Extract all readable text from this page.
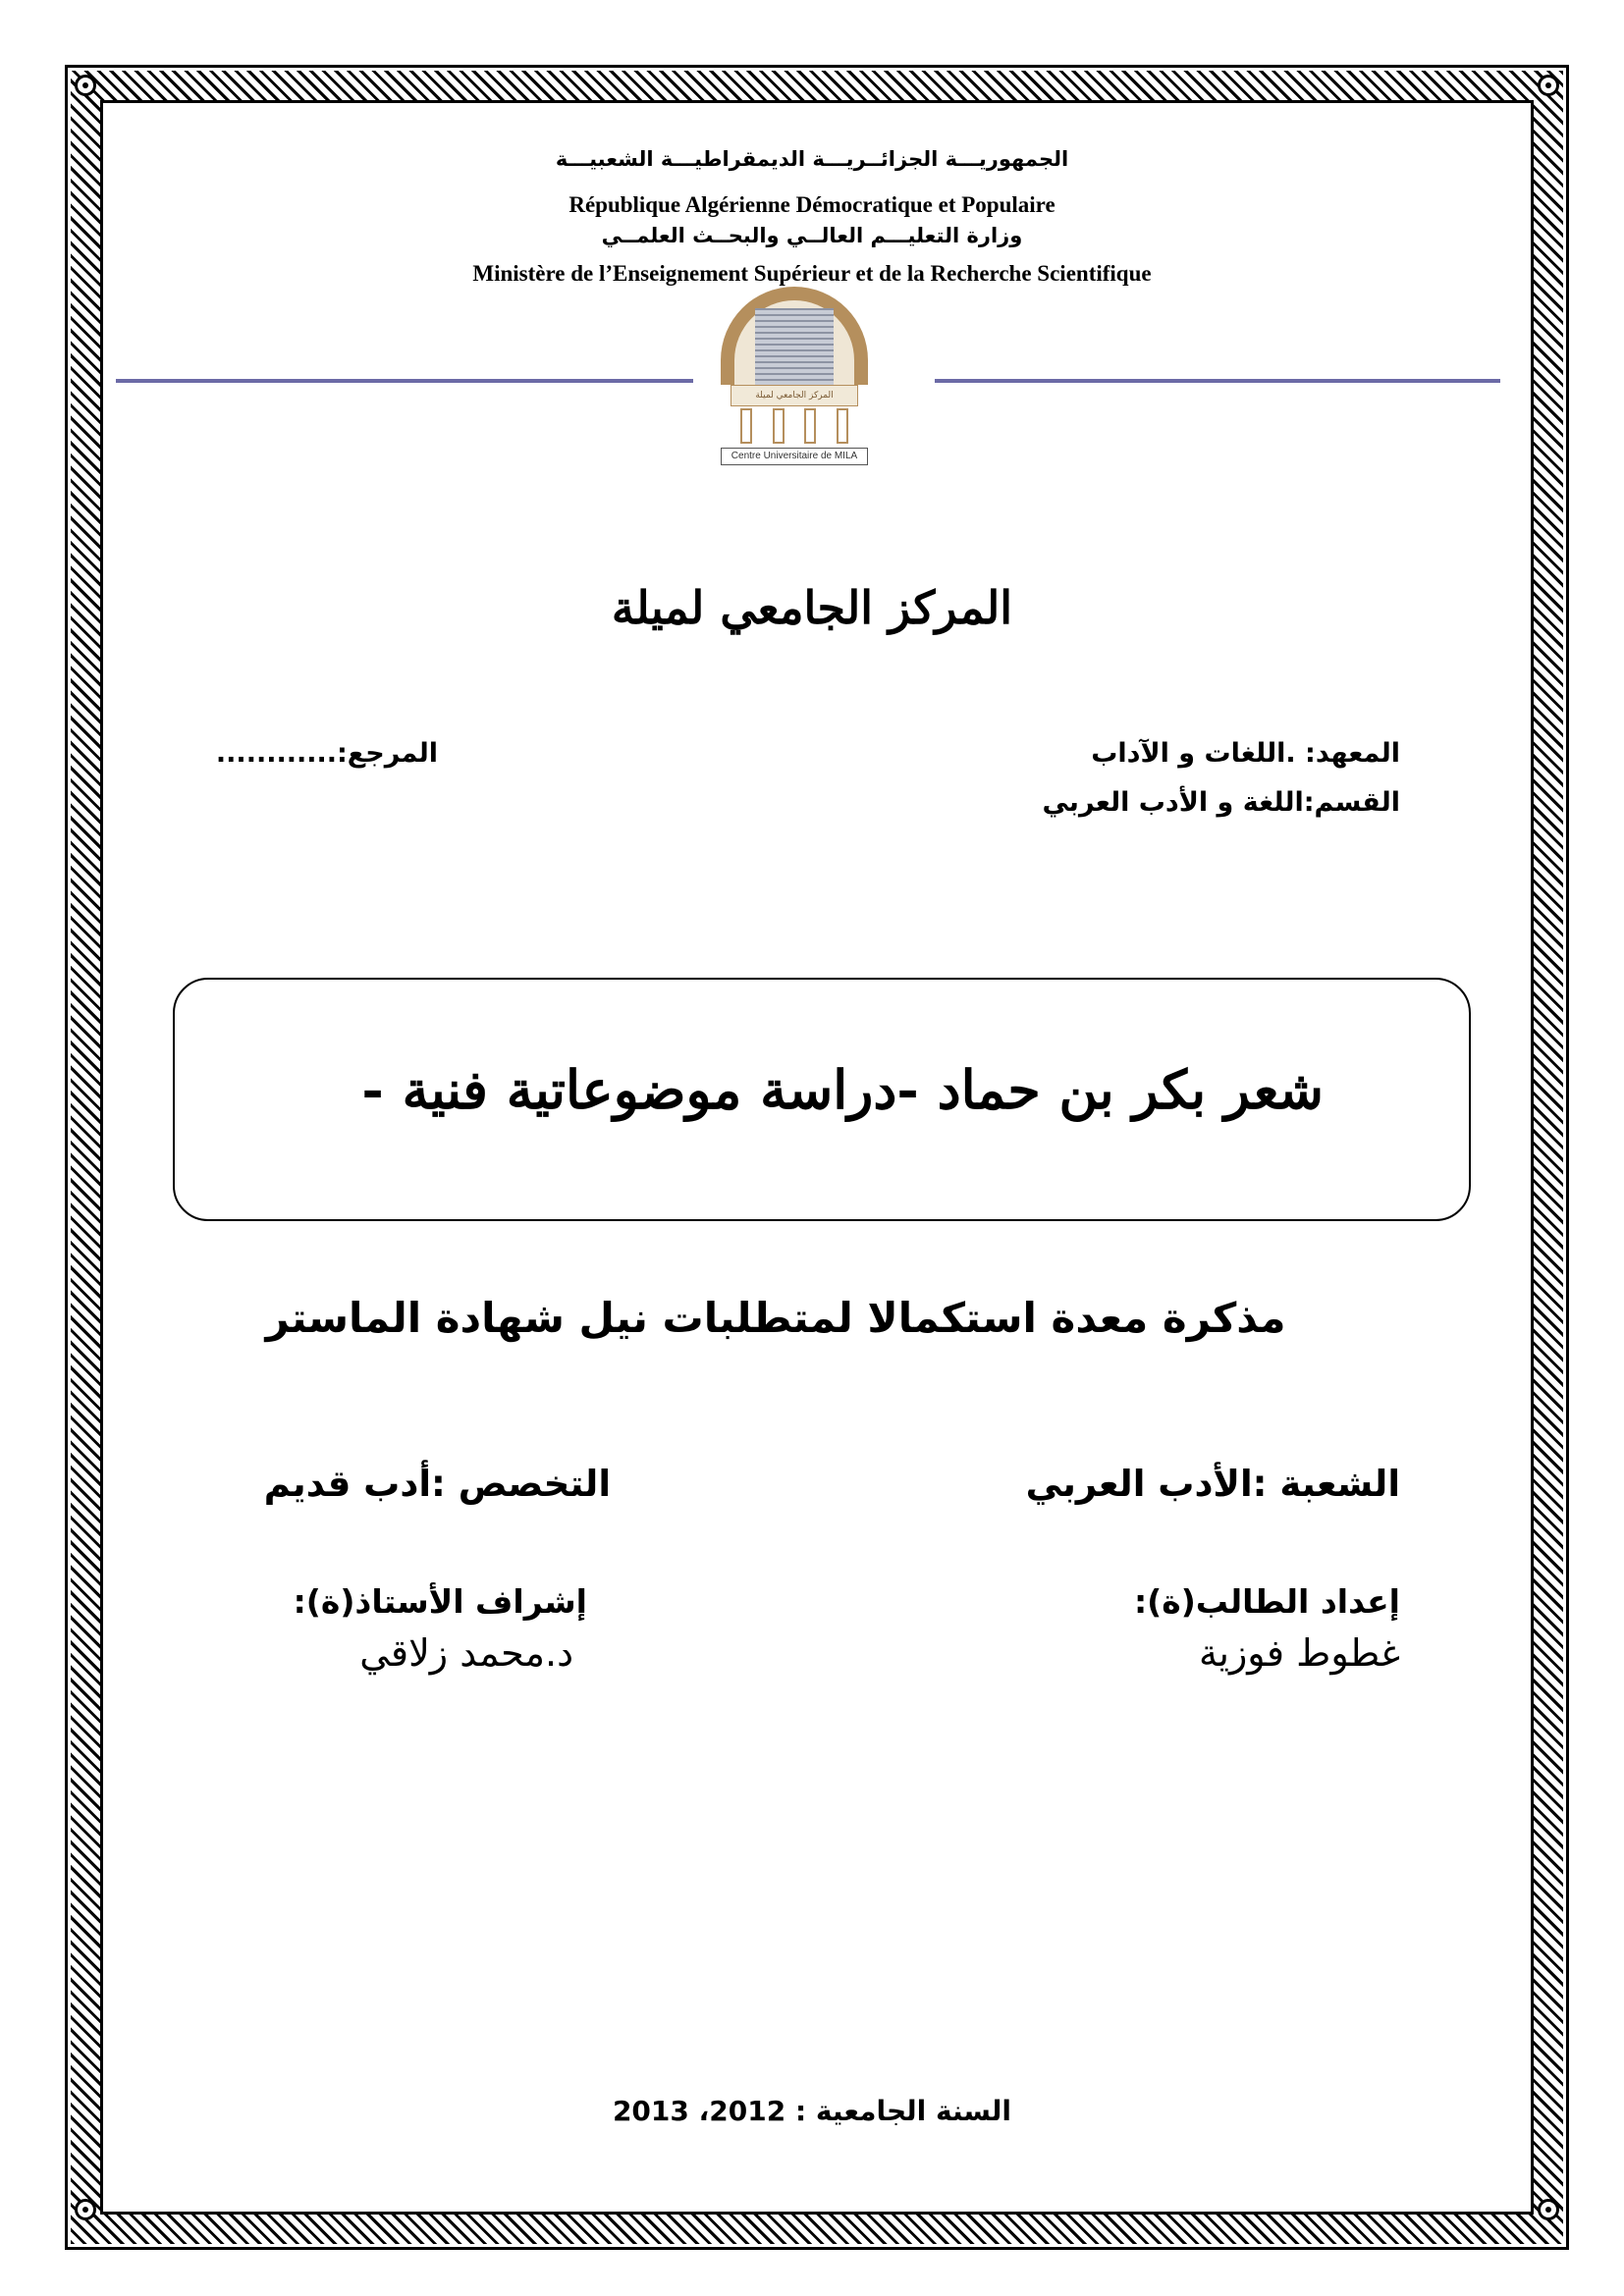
الجمهوريـــة الجزائــريـــة الديمقراطيـــة الشعبيـــة
République Algérienne Démocratique et Populaire
وزارة التعليـــم العالــي والبحــث العلمــي
Ministère de l’Enseignement Supérieur et de la Recherche Scientifique
المركز الجامعي لميلة
Centre Universitaire de MILA
المركز الجامعي لميلة
المعهد: .اللغات و الآداب
القسم:اللغة و الأدب العربي
المرجع:............
شعر بكر بن حماد -دراسة موضوعاتية فنية -
مذكرة معدة استكمالا لمتطلبات نيل شهادة الماستر
الشعبة :الأدب العربي
التخصص :أدب قديم
إعداد الطالب(ة):
غطوط فوزية
إشراف الأستاذ(ة):
د.محمد زلاقي
السنة الجامعية : 2012، 2013
